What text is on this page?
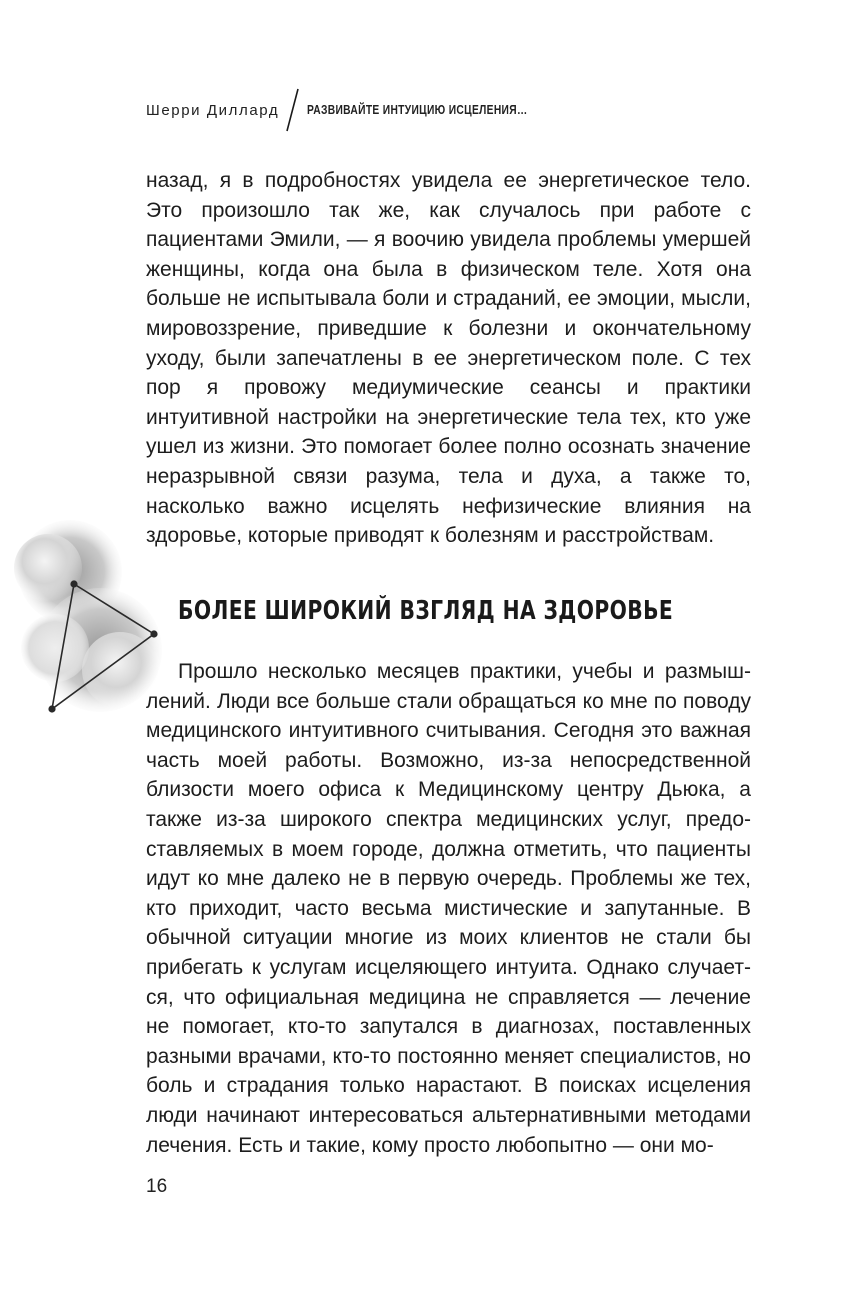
Шерри Диллард РАЗВИВАЙТЕ ИНТУИЦИЮ ИСЦЕЛЕНИЯ…

назад, я в подробностях увидела ее энергетическое тело. Это произошло так же, как случалось при работе с пациентами Эмили, — я воочию увидела проблемы умершей женщины, когда она была в физическом теле. Хотя она больше не испытывала боли и страданий, ее эмоции, мысли, мировоззрение, приведшие к болезни и окончательному уходу, были запечатлены в ее энергетическом поле. С тех пор я провожу медиумические сеансы и практики интуитивной настройки на энергетические тела тех, кто уже ушел из жизни. Это помогает более полно осознать значение неразрывной связи разума, тела и духа, а также то, насколько важно исцелять нефизические влияния на здоровье, которые приводят к болезням и расстройствам.

БОЛЕЕ ШИРОКИЙ ВЗГЛЯД НА ЗДОРОВЬЕ

Прошло несколько месяцев практики, учебы и размышлений. Люди все больше стали обращаться ко мне по поводу медицинского интуитивного считывания. Сегодня это важная часть моей работы. Возможно, из-за непосредственной близости моего офиса к Медицинскому центру Дьюка, а также из-за широкого спектра медицинских услуг, предоставляемых в моем городе, должна отметить, что пациенты идут ко мне далеко не в первую очередь. Проблемы же тех, кто приходит, часто весьма мистические и запутанные. В обычной ситуации многие из моих клиентов не стали бы прибегать к услугам исцеляющего интуита. Однако случается, что официальная медицина не справляется — лечение не помогает, кто-то запутался в диагнозах, поставленных разными врачами, кто-то постоянно меняет специалистов, но боль и страдания только нарастают. В поисках исцеления люди начинают интересоваться альтернативными методами лечения. Есть и такие, кому просто любопытно — они мо-

16
